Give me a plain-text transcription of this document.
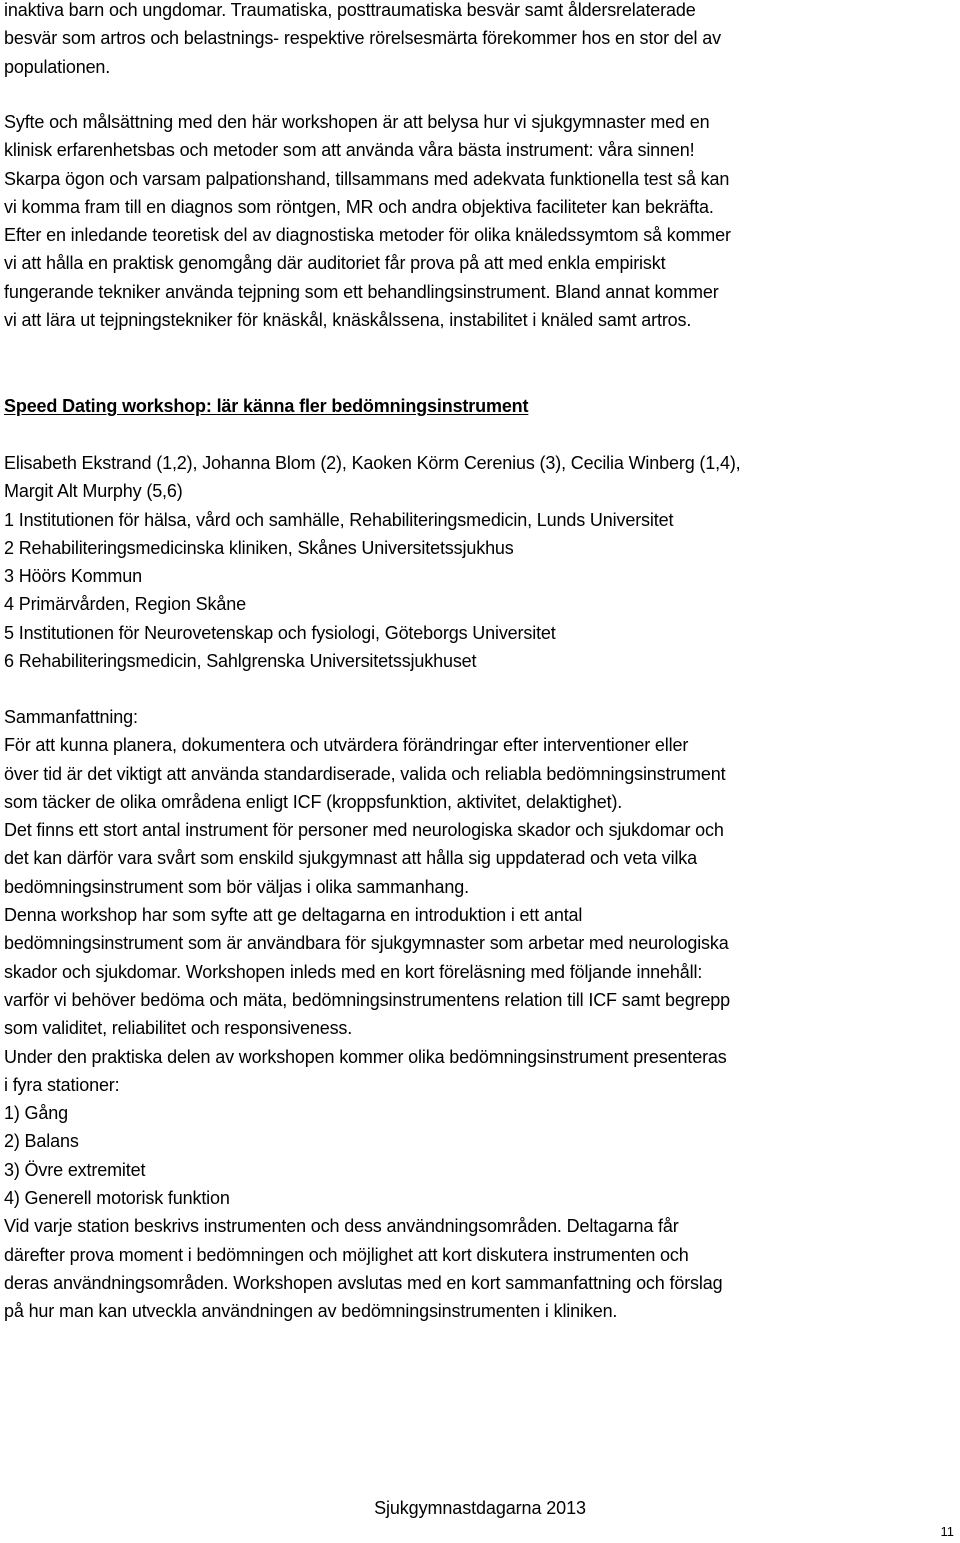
inaktiva barn och ungdomar. Traumatiska, posttraumatiska besvär samt åldersrelaterade
besvär som artros och belastnings- respektive rörelsesmärta förekommer hos en stor del av
populationen.
Syfte och målsättning med den här workshopen är att belysa hur vi sjukgymnaster med en
klinisk erfarenhetsbas och metoder som att använda våra bästa instrument: våra sinnen!
Skarpa ögon och varsam palpationshand, tillsammans med adekvata funktionella test så kan
vi komma fram till en diagnos som röntgen, MR och andra objektiva faciliteter kan bekräfta.
Efter en inledande teoretisk del av diagnostiska metoder för olika knäledssymtom så kommer
vi att hålla en praktisk genomgång där auditoriet får prova på att med enkla empiriskt
fungerande tekniker använda tejpning som ett behandlingsinstrument. Bland annat kommer
vi att lära ut tejpningstekniker för knäskål, knäskålssena, instabilitet i knäled samt artros.
Speed Dating workshop: lär känna fler bedömningsinstrument
Elisabeth Ekstrand (1,2), Johanna Blom (2), Kaoken Körm Cerenius (3), Cecilia Winberg (1,4),
Margit Alt Murphy (5,6)
1 Institutionen för hälsa, vård och samhälle, Rehabiliteringsmedicin, Lunds Universitet
2 Rehabiliteringsmedicinska kliniken, Skånes Universitetssjukhus
3 Höörs Kommun
4 Primärvården, Region Skåne
5 Institutionen för Neurovetenskap och fysiologi, Göteborgs Universitet
6 Rehabiliteringsmedicin, Sahlgrenska Universitetssjukhuset
Sammanfattning:
För att kunna planera, dokumentera och utvärdera förändringar efter interventioner eller
över tid är det viktigt att använda standardiserade, valida och reliabla bedömningsinstrument
som täcker de olika områdena enligt ICF (kroppsfunktion, aktivitet, delaktighet).
Det finns ett stort antal instrument för personer med neurologiska skador och sjukdomar och
det kan därför vara svårt som enskild sjukgymnast att hålla sig uppdaterad och veta vilka
bedömningsinstrument som bör väljas i olika sammanhang.
Denna workshop har som syfte att ge deltagarna en introduktion i ett antal
bedömningsinstrument som är användbara för sjukgymnaster som arbetar med neurologiska
skador och sjukdomar. Workshopen inleds med en kort föreläsning med följande innehåll:
varför vi behöver bedöma och mäta, bedömningsinstrumentens relation till ICF samt begrepp
som validitet, reliabilitet och responsiveness.
Under den praktiska delen av workshopen kommer olika bedömningsinstrument presenteras
i fyra stationer:
1) Gång
2) Balans
3) Övre extremitet
4) Generell motorisk funktion
Vid varje station beskrivs instrumenten och dess användningsområden. Deltagarna får
därefter prova moment i bedömningen och möjlighet att kort diskutera instrumenten och
deras användningsområden. Workshopen avslutas med en kort sammanfattning och förslag
på hur man kan utveckla användningen av bedömningsinstrumenten i kliniken.
Sjukgymnastdagarna 2013
11
